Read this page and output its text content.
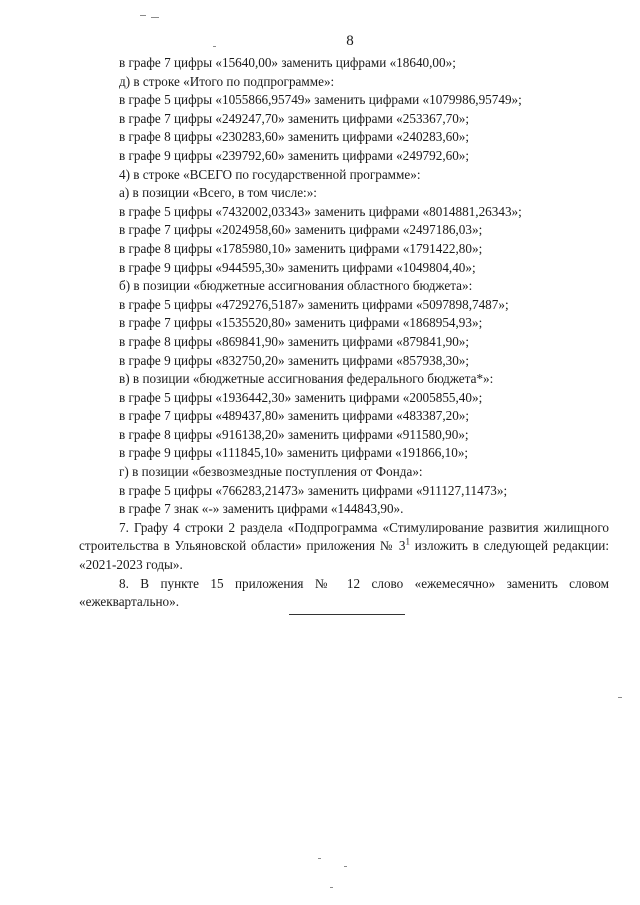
8
в графе 7 цифры «15640,00» заменить цифрами «18640,00»;
д) в строке «Итого по подпрограмме»:
в графе 5 цифры «1055866,95749» заменить цифрами «1079986,95749»;
в графе 7 цифры «249247,70» заменить цифрами «253367,70»;
в графе 8 цифры «230283,60» заменить цифрами «240283,60»;
в графе 9 цифры «239792,60» заменить цифрами «249792,60»;
4) в строке «ВСЕГО по государственной программе»:
а) в позиции «Всего, в том числе:»:
в графе 5 цифры «7432002,03343» заменить цифрами «8014881,26343»;
в графе 7 цифры «2024958,60» заменить цифрами «2497186,03»;
в графе 8 цифры «1785980,10» заменить цифрами «1791422,80»;
в графе 9 цифры «944595,30» заменить цифрами «1049804,40»;
б) в позиции «бюджетные ассигнования областного бюджета»:
в графе 5 цифры «4729276,5187» заменить цифрами «5097898,7487»;
в графе 7 цифры «1535520,80» заменить цифрами «1868954,93»;
в графе 8 цифры «869841,90» заменить цифрами «879841,90»;
в графе 9 цифры «832750,20» заменить цифрами «857938,30»;
в) в позиции «бюджетные ассигнования федерального бюджета*»:
в графе 5 цифры «1936442,30» заменить цифрами «2005855,40»;
в графе 7 цифры «489437,80» заменить цифрами «483387,20»;
в графе 8 цифры «916138,20» заменить цифрами «911580,90»;
в графе 9 цифры «111845,10» заменить цифрами «191866,10»;
г) в позиции «безвозмездные поступления от Фонда»:
в графе 5 цифры «766283,21473» заменить цифрами «911127,11473»;
в графе 7 знак «-» заменить цифрами «144843,90».
7. Графу 4 строки 2 раздела «Подпрограмма «Стимулирование развития жилищного строительства в Ульяновской области» приложения № $3^1$ изложить в следующей редакции: «2021-2023 годы».
8. В пункте 15 приложения № 12 слово «ежемесячно» заменить словом «ежеквартально».
